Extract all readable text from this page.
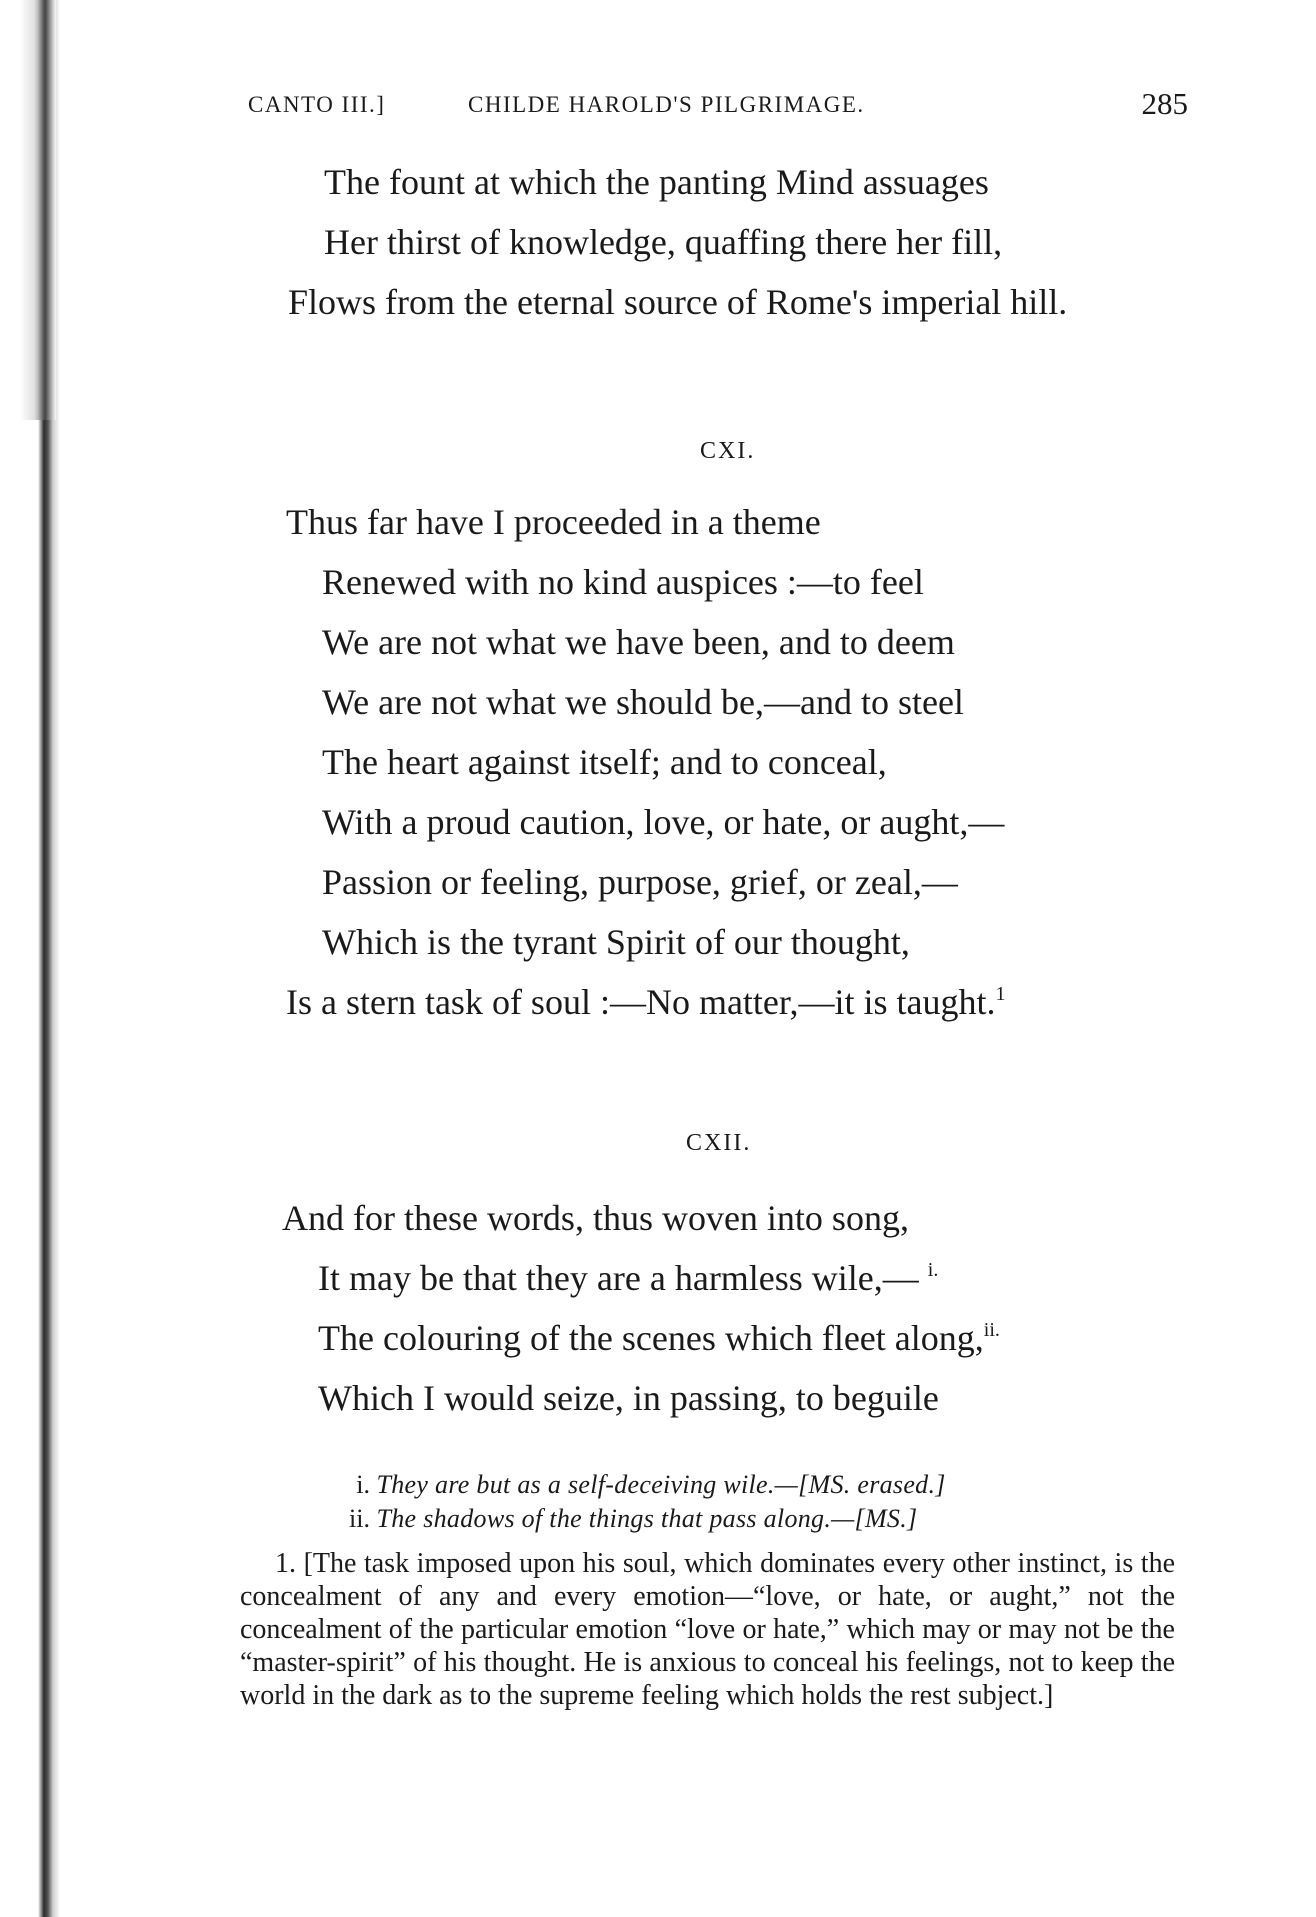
CANTO III.]	CHILDE HAROLD'S PILGRIMAGE.	285
The fount at which the panting Mind assuages
Her thirst of knowledge, quaffing there her fill,
Flows from the eternal source of Rome's imperial hill.
CXI.
Thus far have I proceeded in a theme
Renewed with no kind auspices :—to feel
We are not what we have been, and to deem
We are not what we should be,—and to steel
The heart against itself; and to conceal,
With a proud caution, love, or hate, or aught,—
Passion or feeling, purpose, grief, or zeal,—
Which is the tyrant Spirit of our thought,
Is a stern task of soul :—No matter,—it is taught.$^1$
CXII.
And for these words, thus woven into song,
It may be that they are a harmless wile,— $^{i.}$
The colouring of the scenes which fleet along,$^{ii.}$
Which I would seize, in passing, to beguile
i. They are but as a self-deceiving wile.—[MS. erased.]
ii. The shadows of the things that pass along.—[MS.]
1. [The task imposed upon his soul, which dominates every other instinct, is the concealment of any and every emotion—“love, or hate, or aught,” not the concealment of the particular emotion “love or hate,” which may or may not be the “master-spirit” of his thought. He is anxious to conceal his feelings, not to keep the world in the dark as to the supreme feeling which holds the rest subject.]
